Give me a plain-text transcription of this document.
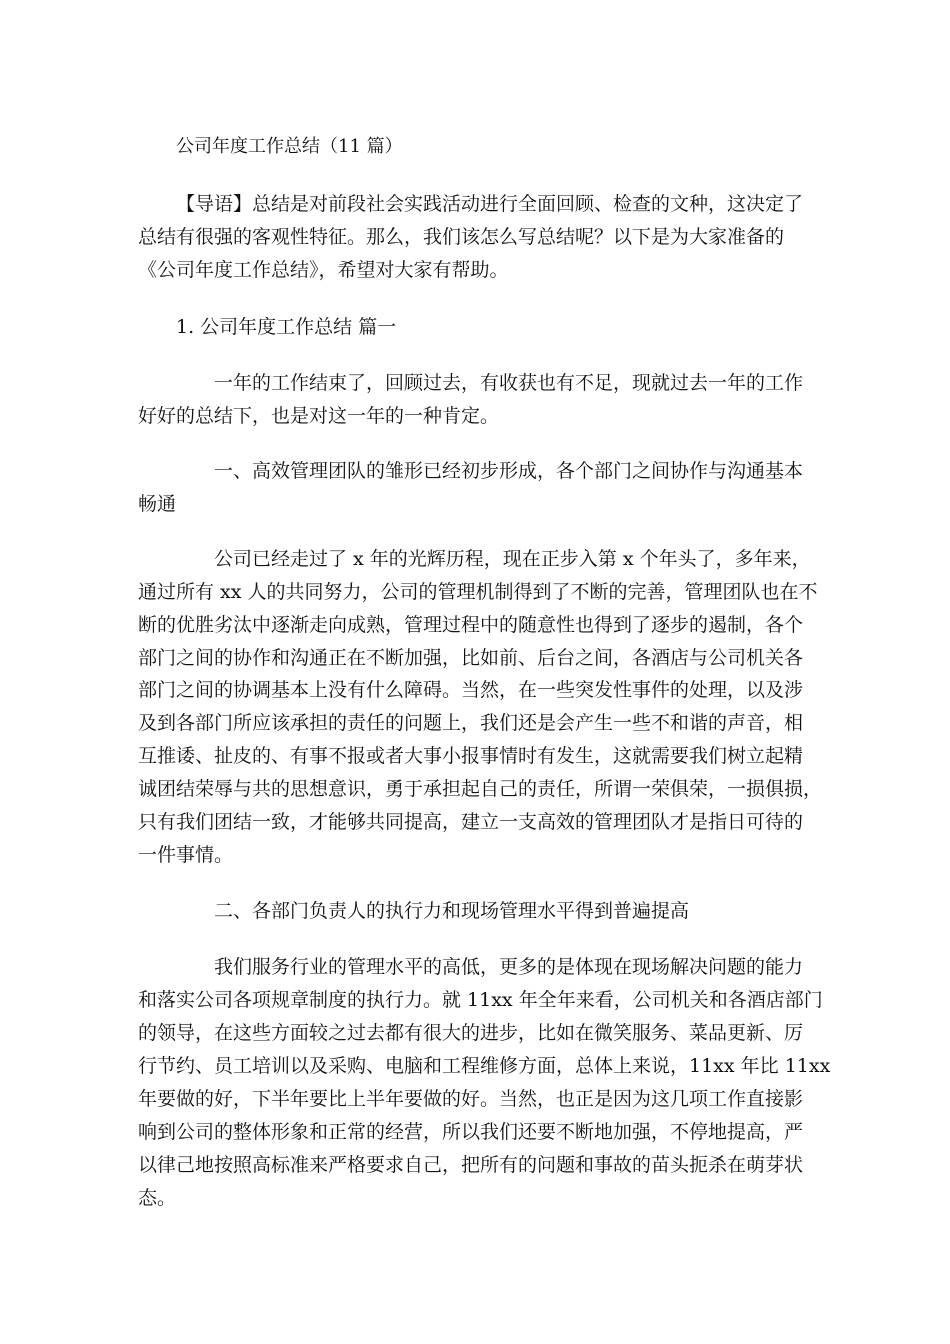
公司年度工作总结（11 篇）
【导语】总结是对前段社会实践活动进行全面回顾、检查的文种，这决定了
总结有很强的客观性特征。那么，我们该怎么写总结呢？以下是为大家准备的
《公司年度工作总结》，希望对大家有帮助。
1. 公司年度工作总结 篇一
一年的工作结束了，回顾过去，有收获也有不足，现就过去一年的工作
好好的总结下，也是对这一年的一种肯定。
一、高效管理团队的雏形已经初步形成，各个部门之间协作与沟通基本
畅通
公司已经走过了 x 年的光辉历程，现在正步入第 x 个年头了，多年来，
通过所有 xx 人的共同努力，公司的管理机制得到了不断的完善，管理团队也在不
断的优胜劣汰中逐渐走向成熟，管理过程中的随意性也得到了逐步的遏制，各个
部门之间的协作和沟通正在不断加强，比如前、后台之间，各酒店与公司机关各
部门之间的协调基本上没有什么障碍。当然，在一些突发性事件的处理，以及涉
及到各部门所应该承担的责任的问题上，我们还是会产生一些不和谐的声音，相
互推诿、扯皮的、有事不报或者大事小报事情时有发生，这就需要我们树立起精
诚团结荣辱与共的思想意识，勇于承担起自己的责任，所谓一荣俱荣，一损俱损，
只有我们团结一致，才能够共同提高，建立一支高效的管理团队才是指日可待的
一件事情。
二、各部门负责人的执行力和现场管理水平得到普遍提高
我们服务行业的管理水平的高低，更多的是体现在现场解决问题的能力
和落实公司各项规章制度的执行力。就 11xx 年全年来看，公司机关和各酒店部门
的领导，在这些方面较之过去都有很大的进步，比如在微笑服务、菜品更新、厉
行节约、员工培训以及采购、电脑和工程维修方面，总体上来说，11xx 年比 11xx
年要做的好，下半年要比上半年要做的好。当然，也正是因为这几项工作直接影
响到公司的整体形象和正常的经营，所以我们还要不断地加强，不停地提高，严
以律己地按照高标准来严格要求自己，把所有的问题和事故的苗头扼杀在萌芽状
态。
